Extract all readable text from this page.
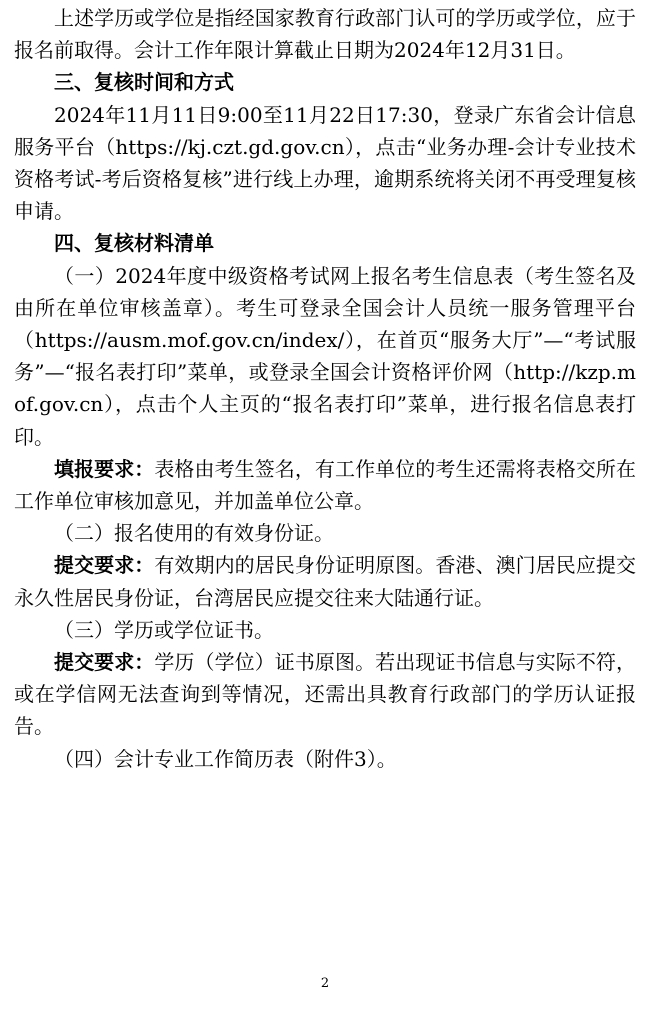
上述学历或学位是指经国家教育行政部门认可的学历或学位，应于报名前取得。会计工作年限计算截止日期为2024年12月31日。

三、复核时间和方式

2024年11月11日9:00至11月22日17:30，登录广东省会计信息服务平台（https://kj.czt.gd.gov.cn），点击“业务办理-会计专业技术资格考试-考后资格复核”进行线上办理，逾期系统将关闭不再受理复核申请。

四、复核材料清单

（一）2024年度中级资格考试网上报名考生信息表（考生签名及由所在单位审核盖章）。考生可登录全国会计人员统一服务管理平台（https://ausm.mof.gov.cn/index/），在首页“服务大厅”—“考试服务”—“报名表打印”菜单，或登录全国会计资格评价网（http://kzp.mof.gov.cn），点击个人主页的“报名表打印”菜单，进行报名信息表打印。

填报要求：表格由考生签名，有工作单位的考生还需将表格交所在工作单位审核加意见，并加盖单位公章。

（二）报名使用的有效身份证。

提交要求：有效期内的居民身份证明原图。香港、澳门居民应提交永久性居民身份证，台湾居民应提交往来大陆通行证。

（三）学历或学位证书。

提交要求：学历（学位）证书原图。若出现证书信息与实际不符，或在学信网无法查询到等情况，还需出具教育行政部门的学历认证报告。

（四）会计专业工作简历表（附件3）。

2
